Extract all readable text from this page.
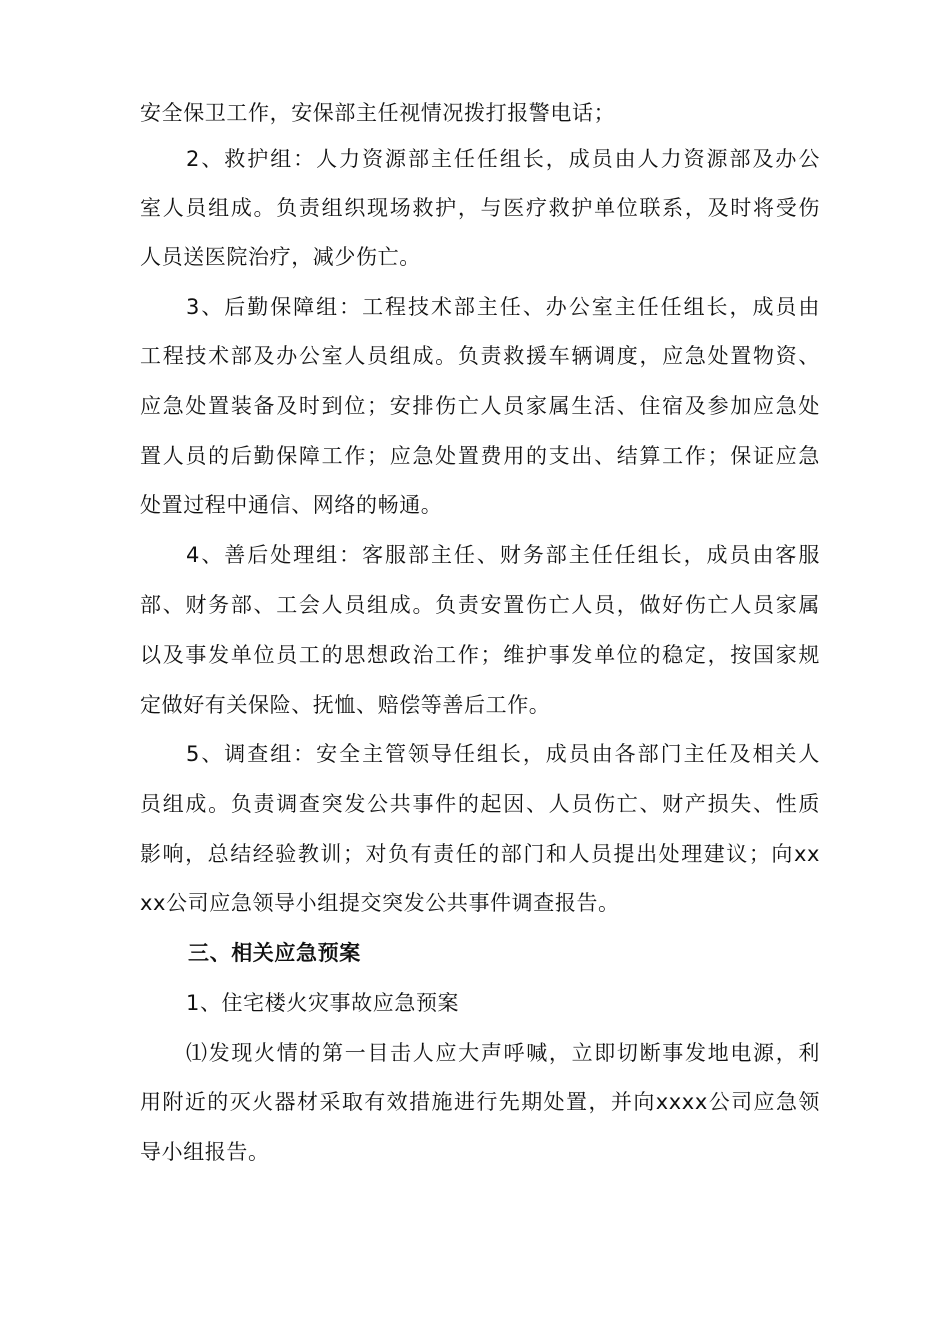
安全保卫工作，安保部主任视情况拨打报警电话；
2、救护组：人力资源部主任任组长，成员由人力资源部及办公
室人员组成。负责组织现场救护，与医疗救护单位联系，及时将受伤
人员送医院治疗，减少伤亡。
3、后勤保障组：工程技术部主任、办公室主任任组长，成员由
工程技术部及办公室人员组成。负责救援车辆调度，应急处置物资、
应急处置装备及时到位；安排伤亡人员家属生活、住宿及参加应急处
置人员的后勤保障工作；应急处置费用的支出、结算工作；保证应急
处置过程中通信、网络的畅通。
4、善后处理组：客服部主任、财务部主任任组长，成员由客服
部、财务部、工会人员组成。负责安置伤亡人员，做好伤亡人员家属
以及事发单位员工的思想政治工作；维护事发单位的稳定，按国家规
定做好有关保险、抚恤、赔偿等善后工作。
5、调查组：安全主管领导任组长，成员由各部门主任及相关人
员组成。负责调查突发公共事件的起因、人员伤亡、财产损失、性质
影响，总结经验教训；对负有责任的部门和人员提出处理建议；向xx
xx公司应急领导小组提交突发公共事件调查报告。
三、相关应急预案
1、住宅楼火灾事故应急预案
⑴发现火情的第一目击人应大声呼喊，立即切断事发地电源，利
用附近的灭火器材采取有效措施进行先期处置，并向xxxx公司应急领
导小组报告。
